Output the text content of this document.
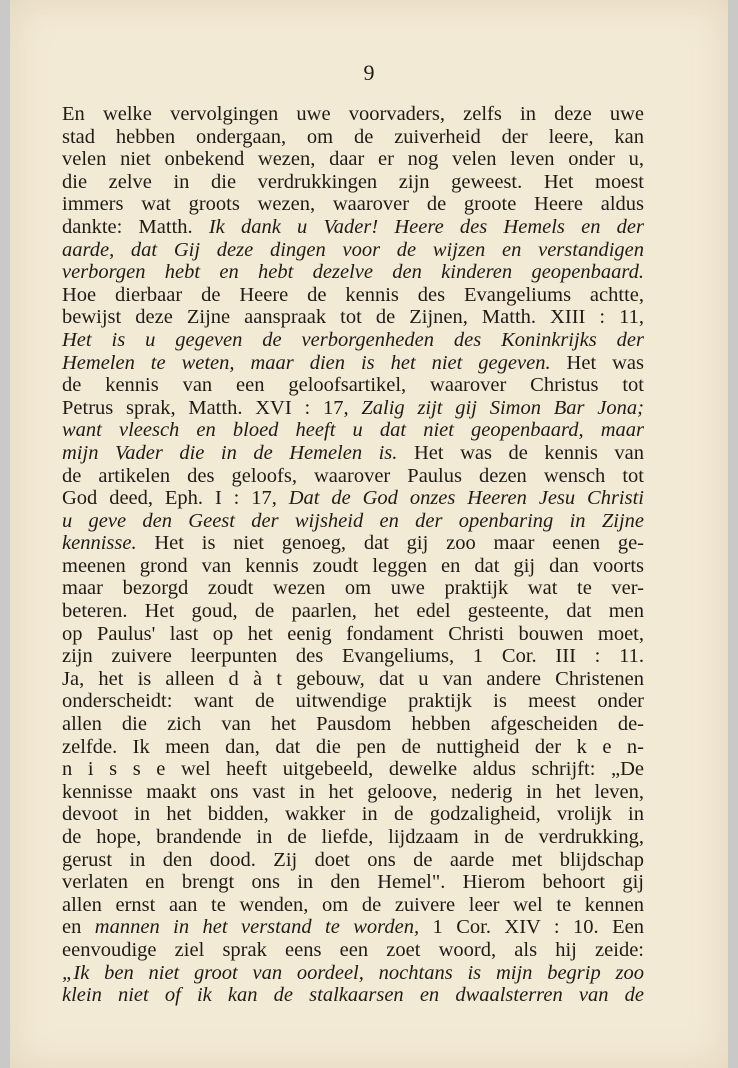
9
En welke vervolgingen uwe voorvaders, zelfs in deze uwe
stad hebben ondergaan, om de zuiverheid der leere, kan
velen niet onbekend wezen, daar er nog velen leven onder u,
die zelve in die verdrukkingen zijn geweest. Het moest
immers wat groots wezen, waarover de groote Heere aldus
dankte: Matth. Ik dank u Vader! Heere des Hemels en der
aarde, dat Gij deze dingen voor de wijzen en verstandigen
verborgen hebt en hebt dezelve den kinderen geopenbaard.
Hoe dierbaar de Heere de kennis des Evangeliums achtte,
bewijst deze Zijne aanspraak tot de Zijnen, Matth. XIII : 11,
Het is u gegeven de verborgenheden des Koninkrijks der
Hemelen te weten, maar dien is het niet gegeven. Het was
de kennis van een geloofsartikel, waarover Christus tot
Petrus sprak, Matth. XVI : 17, Zalig zijt gij Simon Bar Jona;
want vleesch en bloed heeft u dat niet geopenbaard, maar
mijn Vader die in de Hemelen is. Het was de kennis van
de artikelen des geloofs, waarover Paulus dezen wensch tot
God deed, Eph. I : 17, Dat de God onzes Heeren Jesu Christi
u geve den Geest der wijsheid en der openbaring in Zijne
kennisse. Het is niet genoeg, dat gij zoo maar eenen ge-
meenen grond van kennis zoudt leggen en dat gij dan voorts
maar bezorgd zoudt wezen om uwe praktijk wat te ver-
beteren. Het goud, de paarlen, het edel gesteente, dat men
op Paulus' last op het eenig fondament Christi bouwen moet,
zijn zuivere leerpunten des Evangeliums, 1 Cor. III : 11.
Ja, het is alleen d à t gebouw, dat u van andere Christenen
onderscheidt: want de uitwendige praktijk is meest onder
allen die zich van het Pausdom hebben afgescheiden de-
zelfde. Ik meen dan, dat die pen de nuttigheid der k e n-
n i s s e wel heeft uitgebeeld, dewelke aldus schrijft: „De
kennisse maakt ons vast in het geloove, nederig in het leven,
devoot in het bidden, wakker in de godzaligheid, vrolijk in
de hope, brandende in de liefde, lijdzaam in de verdrukking,
gerust in den dood. Zij doet ons de aarde met blijdschap
verlaten en brengt ons in den Hemel". Hierom behoort gij
allen ernst aan te wenden, om de zuivere leer wel te kennen
en mannen in het verstand te worden, 1 Cor. XIV : 10. Een
eenvoudige ziel sprak eens een zoet woord, als hij zeide:
„Ik ben niet groot van oordeel, nochtans is mijn begrip zoo
klein niet of ik kan de stalkaarsen en dwaalsterren van de
